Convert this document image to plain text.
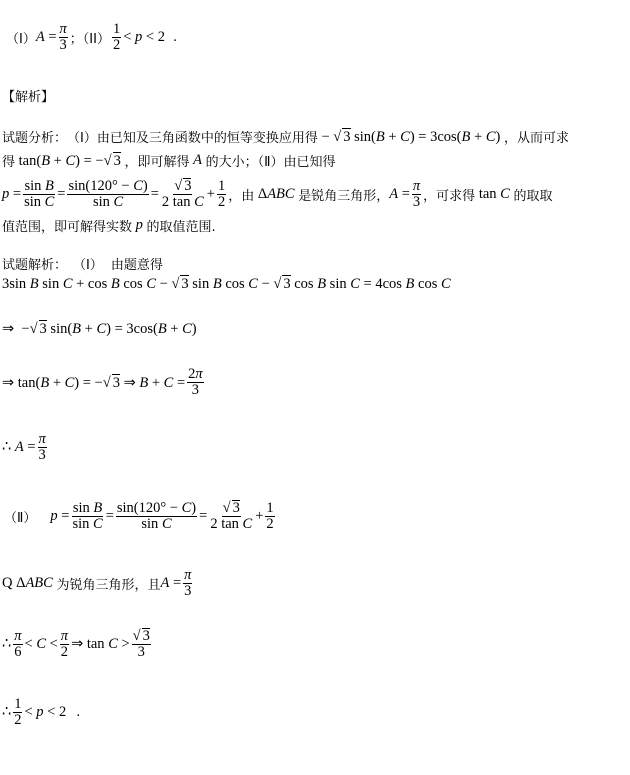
（I） $A = \frac{\pi}{3}$ ；$(II) \frac{1}{2} < p < 2$ .
【解析】
试题分析： （Ⅰ）由已知及三角函数中的恒等变换应用得 − √ 3 sin(B + C) = 3cos(B + C) ，从而可求
得 tan(B + C) = −√ 3 ，即可解得 A 的大小；（Ⅱ）由已知得
$p = \frac{\text{sin B}}{\text{sin C}} = \frac{\sin(120^\circ - C)}{\text{sin C}} = \frac{√ 3}{\text{2 tan C}} + \frac{1}{2}$ ，由 ΔABC 是锐角三角形， $A = \frac{\pi}{3}$ ，可求得 tan C 的取取
值范围，即可解得实数 p 的取值范围.
试题解析： （Ⅰ） 由题意得
3sin B sin C + cos B cos C − √ 3 sin B cos C − √ 3 cos B sin C = 4cos B cos C
⇒  −√ 3 sin(B + C) = 3cos(B + C)
⇒ tan(B + C) = −√ 3 ⇒ $B + C = \frac{2\pi}{3}$
∴ $A = \frac{\pi}{3}$
（Ⅱ） $p = \frac{\text{sin B}}{\text{sin C}} = \frac{\sin(120^\circ - C)}{\text{sin C}} = \frac{√ 3}{\text{2 tan C}} + \frac{1}{2}$
Q ΔABC 为锐角三角形，且 $A = \frac{\pi}{3}$
∴ $\frac{\pi}{6} < C < \frac{\pi}{2}$ ⇒ $\tan C > \frac{√ 3}{3}$
∴ $\frac{1}{2} < p < 2$ .
